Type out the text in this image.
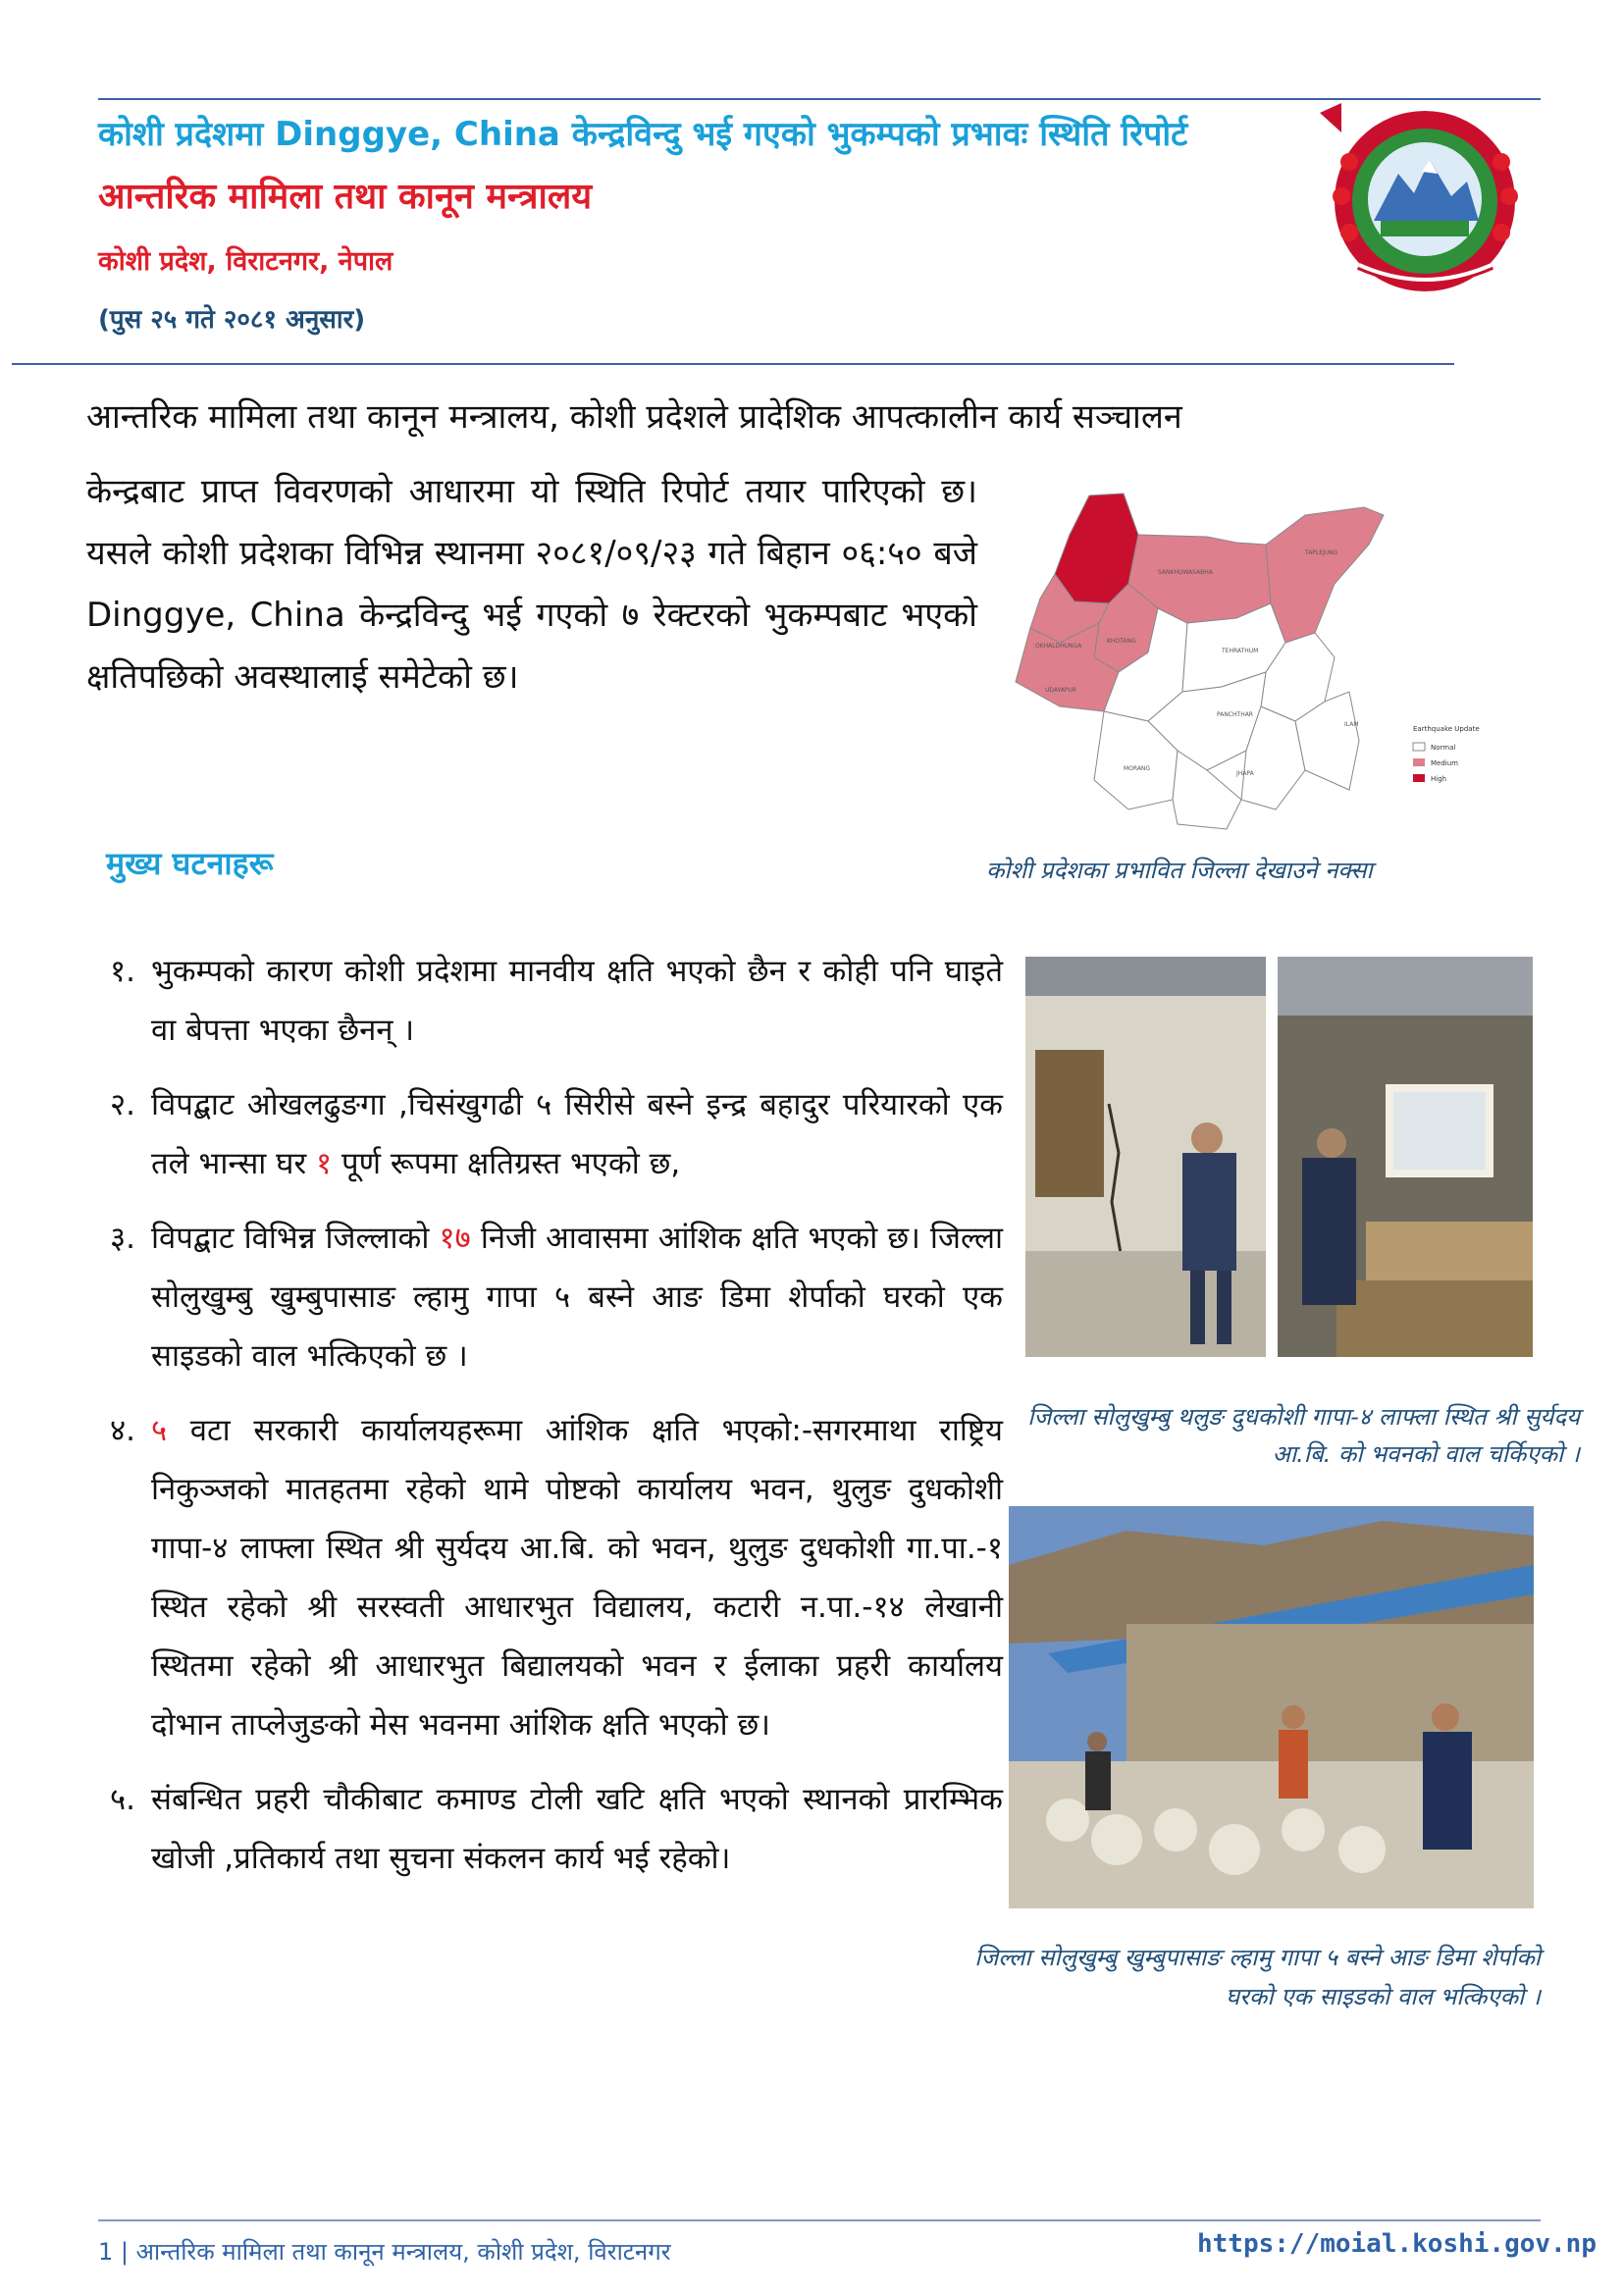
कोशी प्रदेशमा Dinggye, China केन्द्रविन्दु भई गएको भुकम्पको प्रभावः स्थिति रिपोर्ट
आन्तरिक मामिला तथा कानून मन्त्रालय
कोशी प्रदेश, विराटनगर, नेपाल
(पुस २५ गते २०८१ अनुसार)
आन्तरिक मामिला तथा कानून मन्त्रालय, कोशी प्रदेशले प्रादेशिक आपत्कालीन कार्य सञ्चालन
केन्द्रबाट प्राप्त विवरणको आधारमा यो स्थिति रिपोर्ट तयार पारिएको छ। यसले कोशी प्रदेशका विभिन्न स्थानमा २०८१/०९/२३ गते बिहान ०६:५० बजे Dinggye, China केन्द्रविन्दु भई गएको ७ रेक्टरको भुकम्पबाट भएको क्षतिपछिको अवस्थालाई समेटेको छ।
SANKHUWASABHA
TAPLEJUNG
OKHALDHUNGA
KHOTANG
UDAYAPUR
TEHRATHUM
PANCHTHAR
ILAM
MORANG
JHAPA
Earthquake Update
Normal
Medium
High
कोशी प्रदेशका प्रभावित जिल्ला देखाउने नक्सा
मुख्य घटनाहरू
१. भुकम्पको कारण कोशी प्रदेशमा मानवीय क्षति भएको छैन र कोही पनि घाइते वा बेपत्ता भएका छैनन् ।
२. विपद्बाट ओखलढुङगा ,चिसंखुगढी ५ सिरीसे बस्ने इन्द्र बहादुर परियारको एक तले भान्सा घर १ पूर्ण रूपमा क्षतिग्रस्त भएको छ,
३. विपद्बाट विभिन्न जिल्लाको १७ निजी आवासमा आंशिक क्षति भएको छ। जिल्ला सोलुखुम्बु खुम्बुपासाङ ल्हामु गापा ५ बस्ने आङ डिमा शेर्पाको घरको एक साइडको वाल भत्किएको छ ।
४. ५ वटा सरकारी कार्यालयहरूमा आंशिक क्षति भएको:-सगरमाथा राष्ट्रिय निकुञ्जको मातहतमा रहेको थामे पोष्टको कार्यालय भवन, थुलुङ दुधकोशी गापा-४ लाफ्ला स्थित श्री सुर्यदय आ.बि. को भवन, थुलुङ दुधकोशी गा.पा.-१ स्थित रहेको श्री सरस्वती आधारभुत विद्यालय, कटारी न.पा.-१४ लेखानी स्थितमा रहेको श्री आधारभुत बिद्यालयको भवन र ईलाका प्रहरी कार्यालय दोभान ताप्लेजुङको मेस भवनमा आंशिक क्षति भएको छ।
५. संबन्धित प्रहरी चौकीबाट कमाण्ड टोली खटि क्षति भएको स्थानको प्रारम्भिक खोजी ,प्रतिकार्य तथा सुचना संकलन कार्य भई रहेको।
जिल्ला सोलुखुम्बु थलुङ दुधकोशी गापा-४ लाफ्ला स्थित श्री सुर्यदय आ.बि. को भवनको वाल चर्किएको ।
जिल्ला सोलुखुम्बु खुम्बुपासाङ ल्हामु गापा ५ बस्ने आङ डिमा शेर्पाको घरको एक साइडको वाल भत्किएको ।
1 | आन्तरिक मामिला तथा कानून मन्त्रालय, कोशी प्रदेश, विराटनगर	https://moial.koshi.gov.np
